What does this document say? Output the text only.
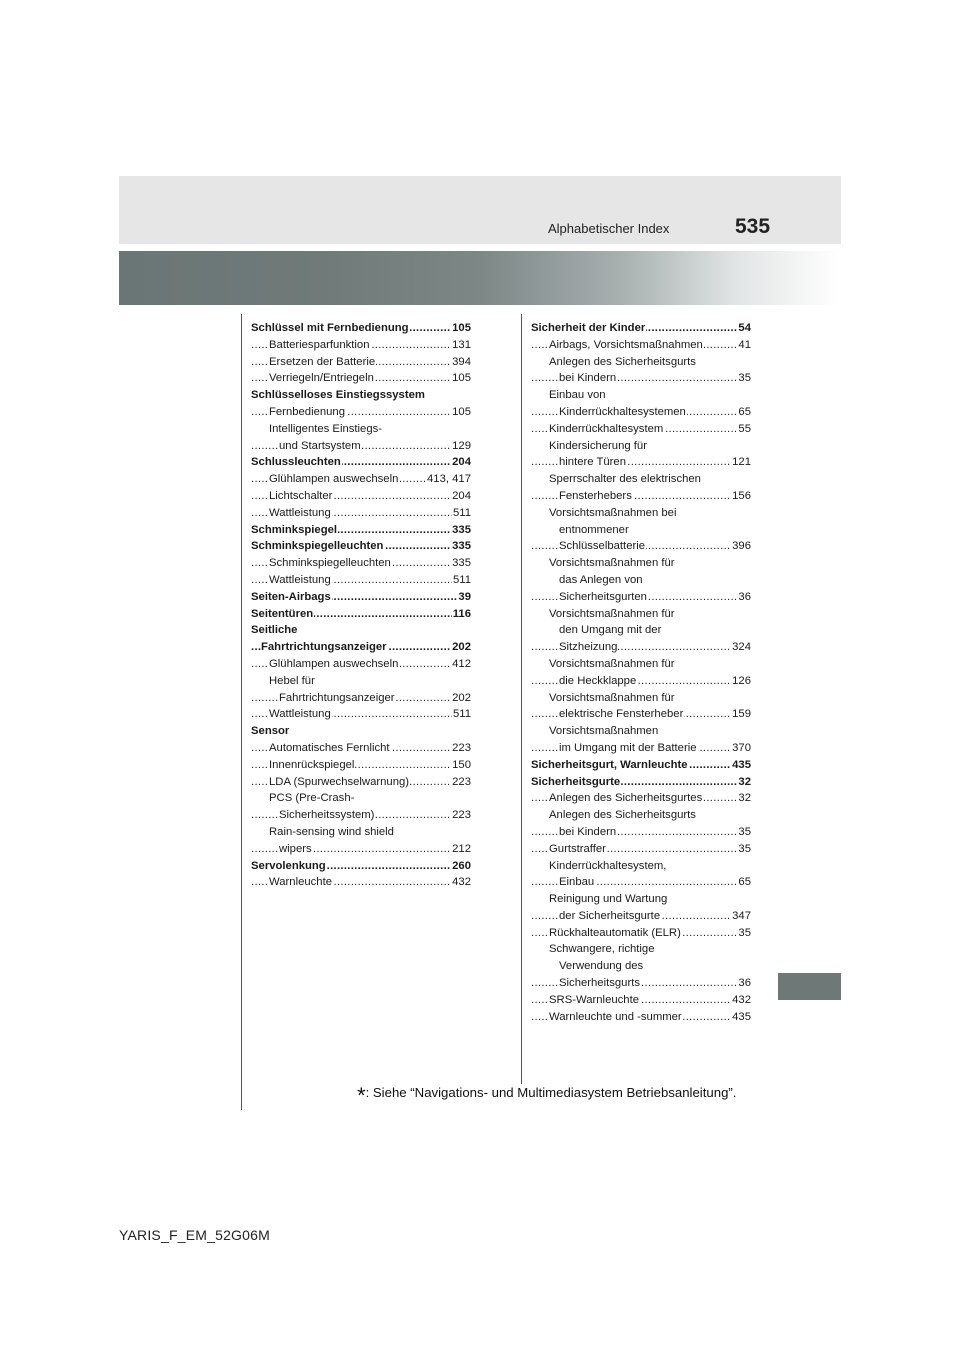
Alphabetischer Index	535
..... Schlüssel mit Fernbedienung	105
..... Batteriesparfunktion	131
..... Ersetzen der Batterie	394
..... Verriegeln/Entriegeln	105
Schlüsselloses Einstiegssystem
..... Fernbedienung	105
Intelligentes Einstiegs-
..... und Startsystem	129
..... Schlussleuchten	204
..... Glühlampen auswechseln	413, 417
..... Lichtschalter	204
..... Wattleistung	511
..... Schminkspiegel	335
..... Schminkspiegelleuchten	335
..... Schminkspiegelleuchten	335
..... Wattleistung	511
..... Seiten-Airbags	39
..... Seitentüren	116
Seitliche
..... Fahrtrichtungsanzeiger	202
..... Glühlampen auswechseln	412
Hebel für
..... Fahrtrichtungsanzeiger	202
..... Wattleistung	511
Sensor
..... Automatisches Fernlicht	223
..... Innenrückspiegel	150
..... LDA (Spurwechselwarnung)	223
PCS (Pre-Crash-
..... Sicherheitssystem)	223
Rain-sensing wind shield
..... wipers	212
..... Servolenkung	260
..... Warnleuchte	432
..... Sicherheit der Kinder	54
..... Airbags, Vorsichtsmaßnahmen	41
Anlegen des Sicherheitsgurts
..... bei Kindern	35
Einbau von
..... Kinderrückhaltesystemen	65
..... Kinderrückhaltesystem	55
Kindersicherung für
..... hintere Türen	121
Sperrschalter des elektrischen
..... Fensterhebers	156
Vorsichtsmaßnahmen bei
entnommener
..... Schlüsselbatterie	396
Vorsichtsmaßnahmen für
das Anlegen von
..... Sicherheitsgurten	36
Vorsichtsmaßnahmen für
den Umgang mit der
..... Sitzheizung	324
Vorsichtsmaßnahmen für
..... die Heckklappe	126
Vorsichtsmaßnahmen für
..... elektrische Fensterheber	159
Vorsichtsmaßnahmen
..... im Umgang mit der Batterie	370
..... Sicherheitsgurt, Warnleuchte	435
..... Sicherheitsgurte	32
..... Anlegen des Sicherheitsgurtes	32
Anlegen des Sicherheitsgurts
..... bei Kindern	35
..... Gurtstraffer	35
Kinderrückhaltesystem,
..... Einbau	65
Reinigung und Wartung
..... der Sicherheitsgurte	347
..... Rückhalteautomatik (ELR)	35
Schwangere, richtige
Verwendung des
..... Sicherheitsgurts	36
..... SRS-Warnleuchte	432
..... Warnleuchte und -summer	435
*: Siehe “Navigations- und Multimediasystem Betriebsanleitung”.
YARIS_F_EM_52G06M
